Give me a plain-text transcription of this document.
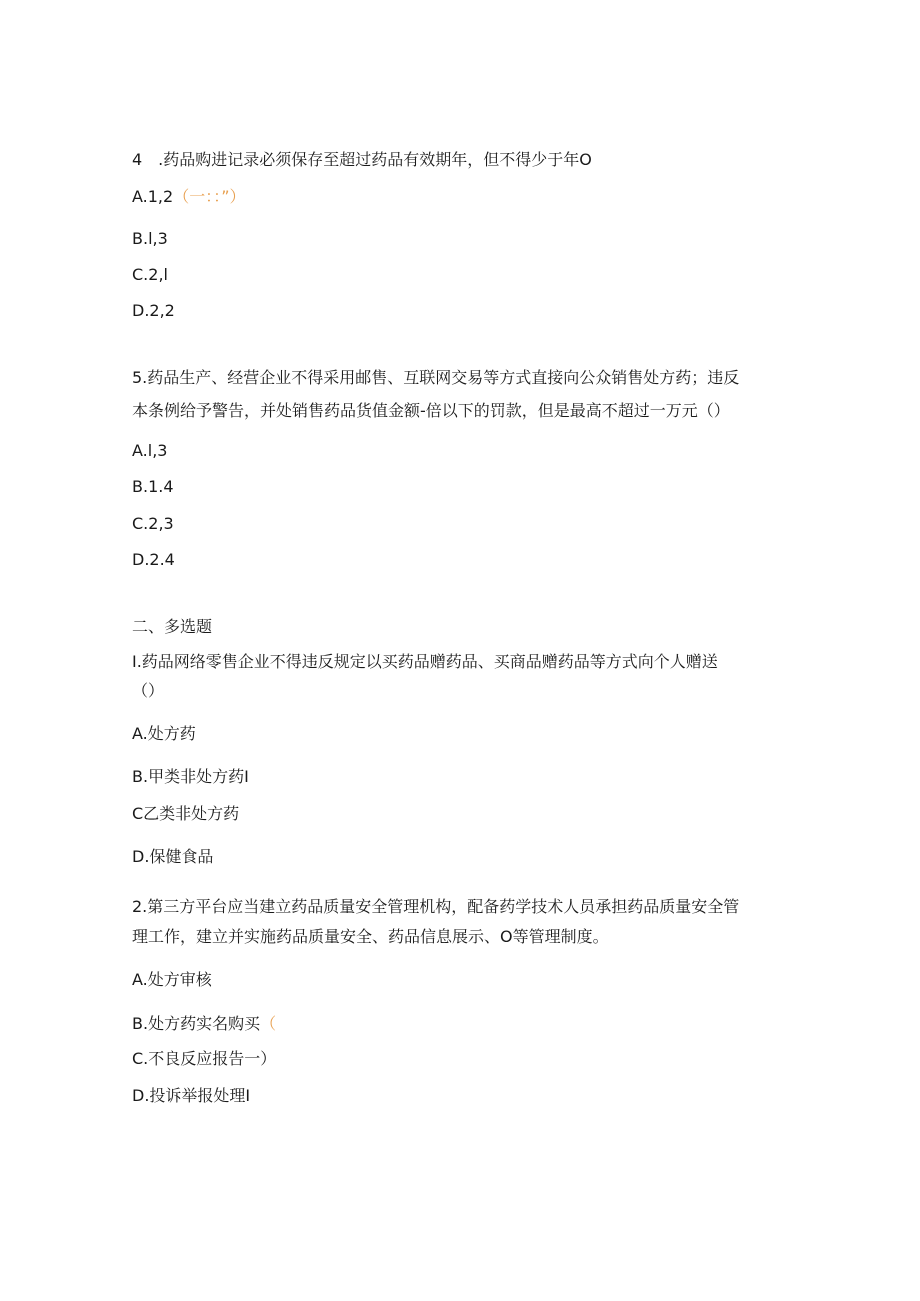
4　.药品购进记录必须保存至超过药品有效期年，但不得少于年O
A.1,2（一：：”）
B.l,3
C.2,l
D.2,2
5.药品生产、经营企业不得采用邮售、互联网交易等方式直接向公众销售处方药；违反
本条例给予警告，并处销售药品货值金额-倍以下的罚款，但是最高不超过一万元（）
A.l,3
B.1.4
C.2,3
D.2.4
二、多选题
I.药品网络零售企业不得违反规定以买药品赠药品、买商品赠药品等方式向个人赠送
（）
A.处方药
B.甲类非处方药I
C乙类非处方药
D.保健食品
2.第三方平台应当建立药品质量安全管理机构，配备药学技术人员承担药品质量安全管
理工作，建立并实施药品质量安全、药品信息展示、O等管理制度。
A.处方审核
B.处方药实名购买（
C.不良反应报告一）
D.投诉举报处理I
